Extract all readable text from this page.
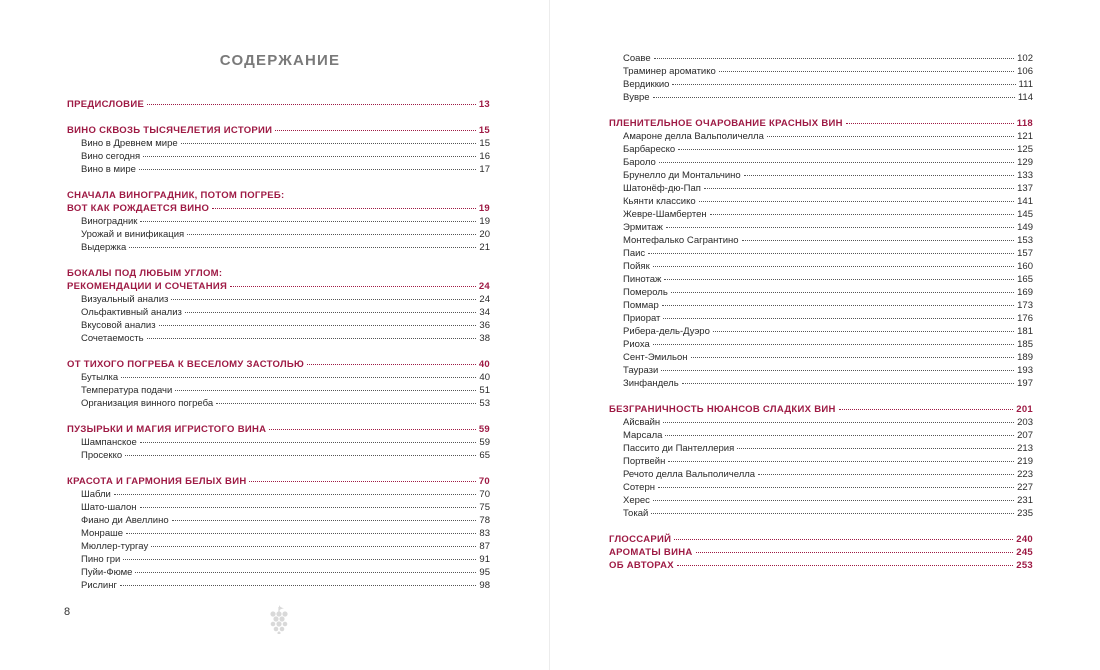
СОДЕРЖАНИЕ
ПРЕДИСЛОВИЕ	13
ВИНО СКВОЗЬ ТЫСЯЧЕЛЕТИЯ ИСТОРИИ	15
Вино в Древнем мире	15
Вино сегодня	16
Вино в мире	17
СНАЧАЛА ВИНОГРАДНИК, ПОТОМ ПОГРЕБ:
ВОТ КАК РОЖДАЕТСЯ ВИНО	19
Виноградник	19
Урожай и винификация	20
Выдержка	21
БОКАЛЫ ПОД ЛЮБЫМ УГЛОМ:
РЕКОМЕНДАЦИИ И СОЧЕТАНИЯ	24
Визуальный анализ	24
Ольфактивный анализ	34
Вкусовой анализ	36
Сочетаемость	38
ОТ ТИХОГО ПОГРЕБА К ВЕСЕЛОМУ ЗАСТОЛЬЮ	40
Бутылка	40
Температура подачи	51
Организация винного погреба	53
ПУЗЫРЬКИ И МАГИЯ ИГРИСТОГО ВИНА	59
Шампанское	59
Просекко	65
КРАСОТА И ГАРМОНИЯ БЕЛЫХ ВИН	70
Шабли	70
Шато-шалон	75
Фиано ди Авеллино	78
Монраше	83
Мюллер-тургау	87
Пино гри	91
Пуйи-Фюме	95
Рислинг	98
Соаве	102
Траминер ароматико	106
Вердиккио	111
Вувре	114
ПЛЕНИТЕЛЬНОЕ ОЧАРОВАНИЕ КРАСНЫХ ВИН	118
Амароне делла Вальполичелла	121
Барбареско	125
Бароло	129
Брунелло ди Монтальчино	133
Шатонёф-дю-Пап	137
Кьянти классико	141
Жевре-Шамбертен	145
Эрмитаж	149
Монтефалько Сагрантино	153
Паис	157
Пойяк	160
Пинотаж	165
Помероль	169
Поммар	173
Приорат	176
Рибера-дель-Дуэро	181
Риоха	185
Сент-Эмильон	189
Таурази	193
Зинфандель	197
БЕЗГРАНИЧНОСТЬ НЮАНСОВ СЛАДКИХ ВИН	201
Айсвайн	203
Марсала	207
Пассито ди Пантеллерия	213
Портвейн	219
Речото делла Вальполичелла	223
Сотерн	227
Херес	231
Токай	235
ГЛОССАРИЙ	240
АРОМАТЫ ВИНА	245
ОБ АВТОРАХ	253
8
